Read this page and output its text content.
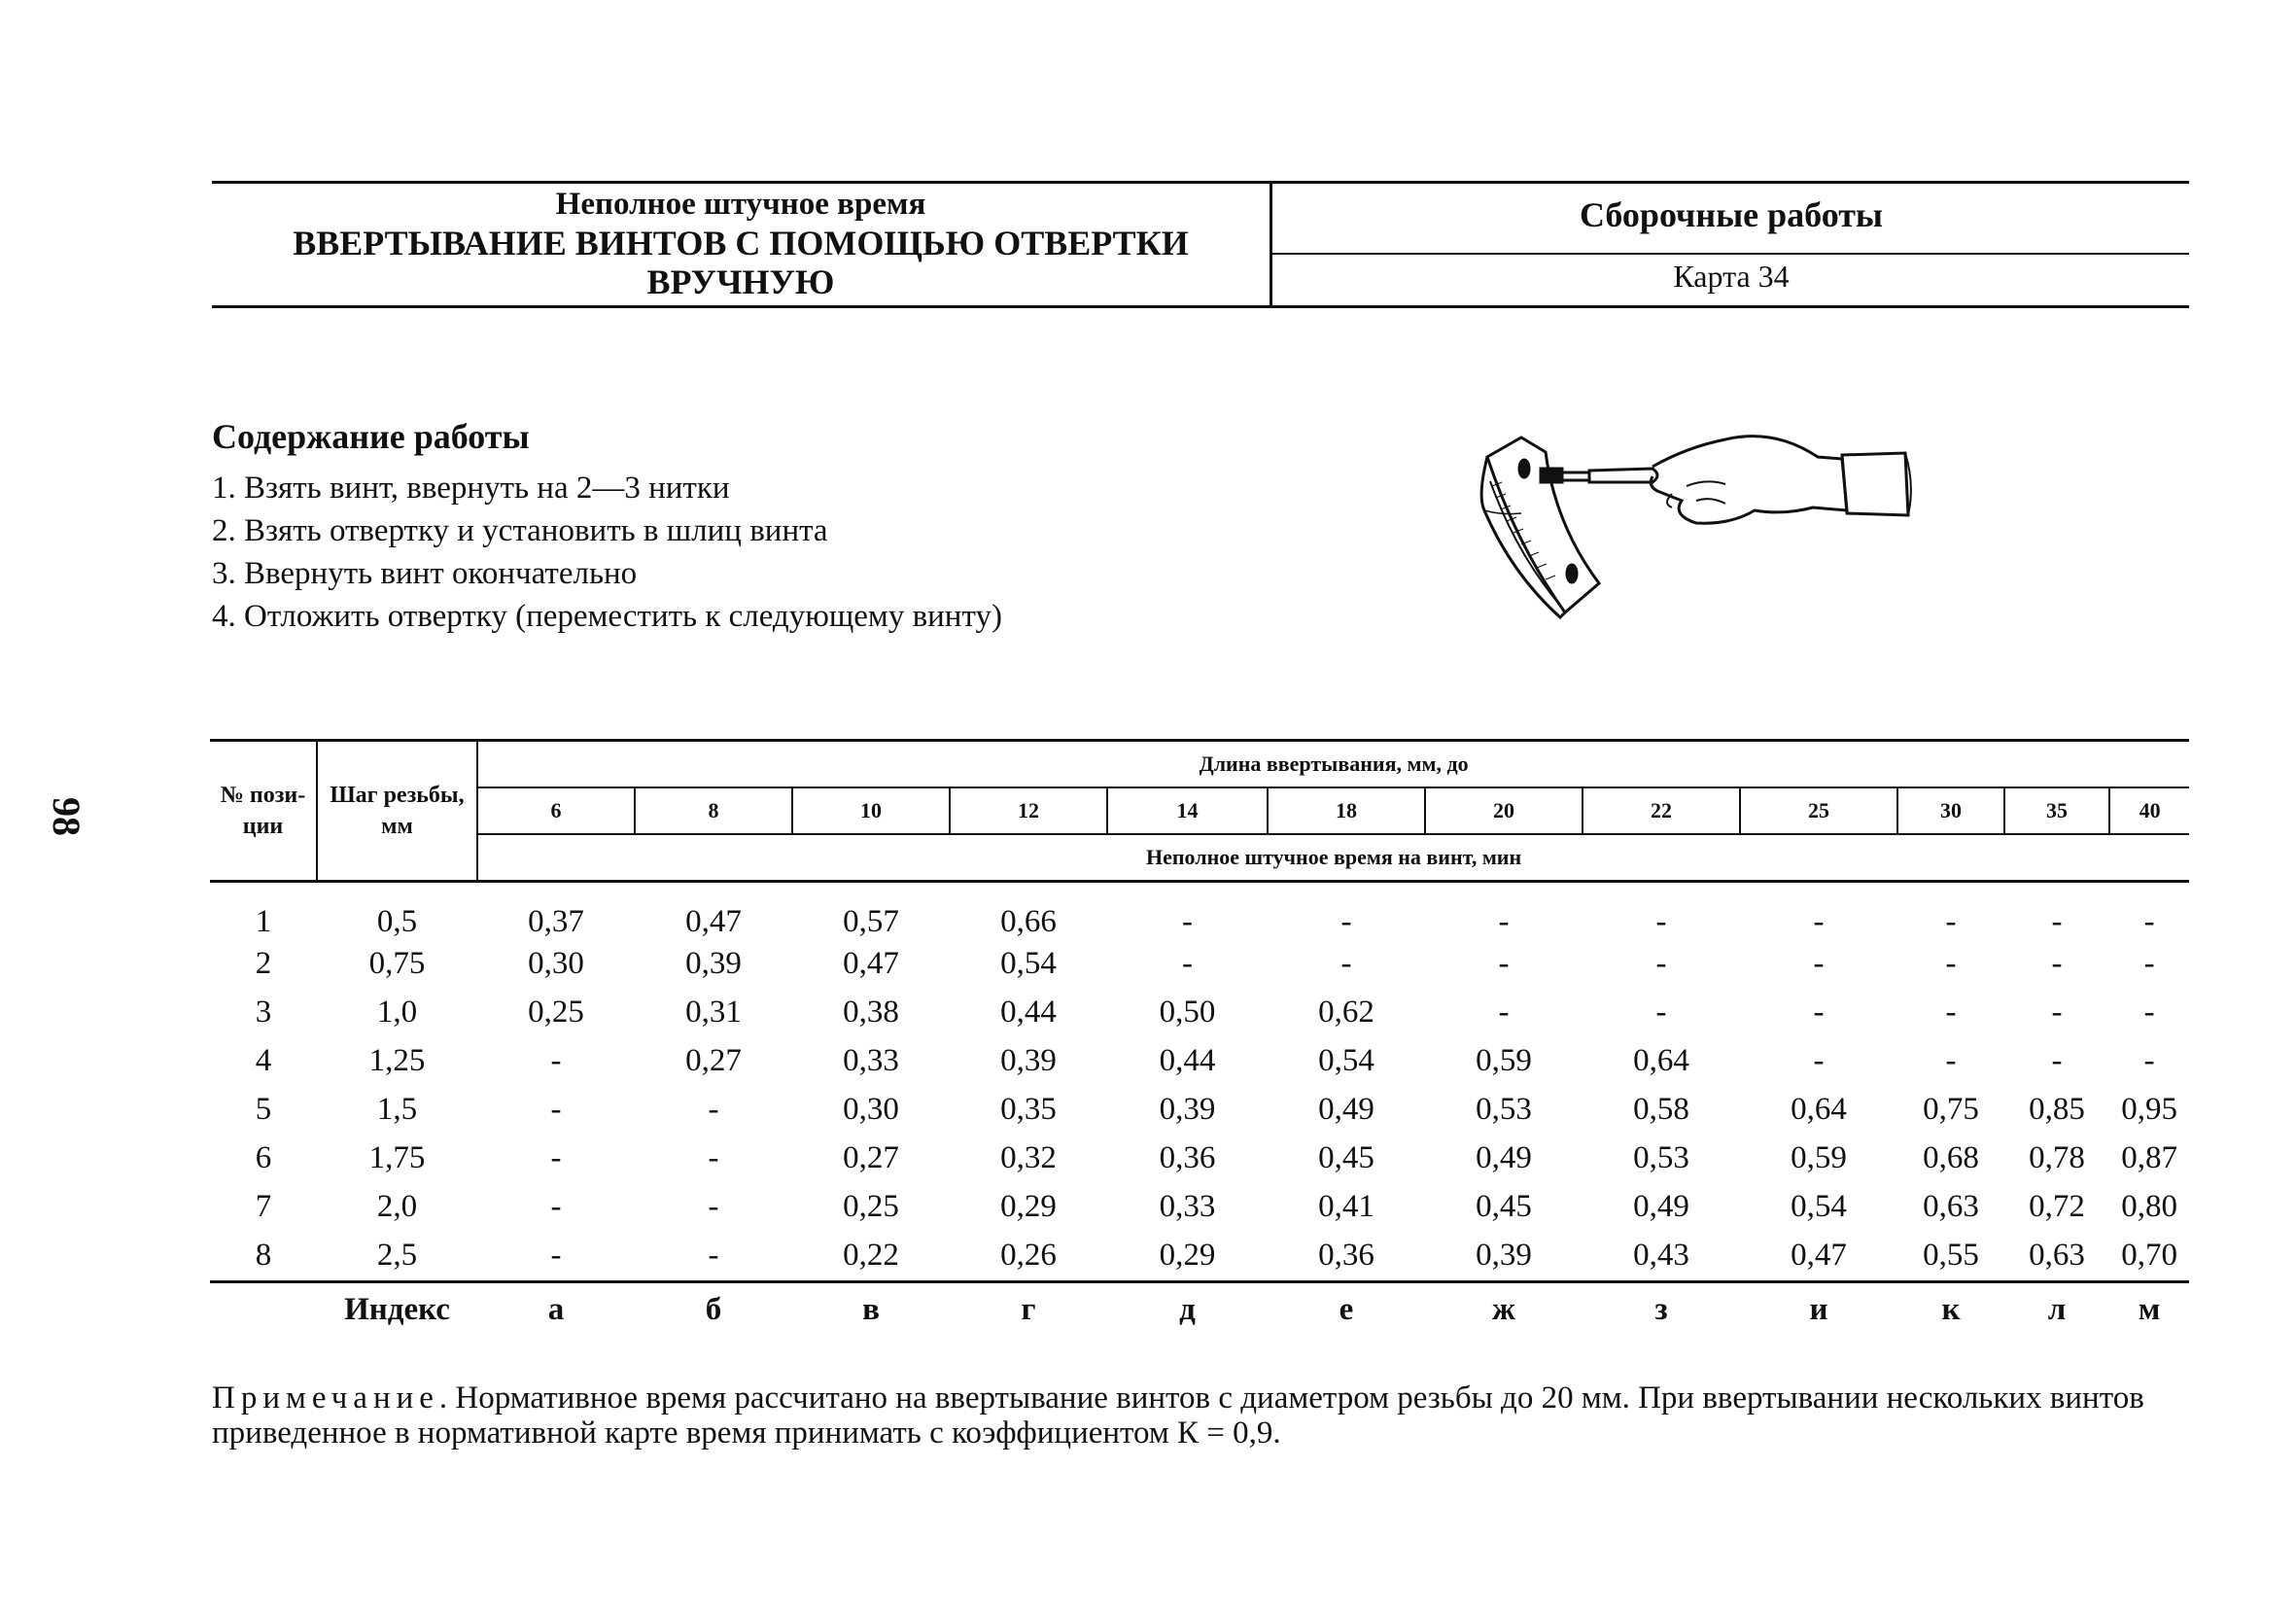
98
Неполное штучное время
ВВЕРТЫВАНИЕ ВИНТОВ С ПОМОЩЬЮ ОТВЕРТКИ
ВРУЧНУЮ
Сборочные работы
Карта 34
Содержание работы
1. Взять винт, ввернуть на 2—3 нитки
2. Взять отвертку и установить в шлиц винта
3. Ввернуть винт окончательно
4. Отложить отвертку (переместить к следующему винту)
№ пози- ции	Шаг резьбы, мм	Длина ввертывания, мм, до											
		6	8	10	12	14	18	20	22	25	30	35	40
		Неполное штучное время на винт, мин											
1	0,5	0,37	0,47	0,57	0,66	-	-	-	-	-	-	-	-
2	0,75	0,30	0,39	0,47	0,54	-	-	-	-	-	-	-	-
3	1,0	0,25	0,31	0,38	0,44	0,50	0,62	-	-	-	-	-	-
4	1,25	-	0,27	0,33	0,39	0,44	0,54	0,59	0,64	-	-	-	-
5	1,5	-	-	0,30	0,35	0,39	0,49	0,53	0,58	0,64	0,75	0,85	0,95
6	1,75	-	-	0,27	0,32	0,36	0,45	0,49	0,53	0,59	0,68	0,78	0,87
7	2,0	-	-	0,25	0,29	0,33	0,41	0,45	0,49	0,54	0,63	0,72	0,80
8	2,5	-	-	0,22	0,26	0,29	0,36	0,39	0,43	0,47	0,55	0,63	0,70
	Индекс	а	б	в	г	д	е	ж	з	и	к	л	м
Примечание. Нормативное время рассчитано на ввертывание винтов с диаметром резьбы до 20 мм. При ввертывании нескольких винтов приведенное в нормативной карте время принимать с коэффициентом К = 0,9.
